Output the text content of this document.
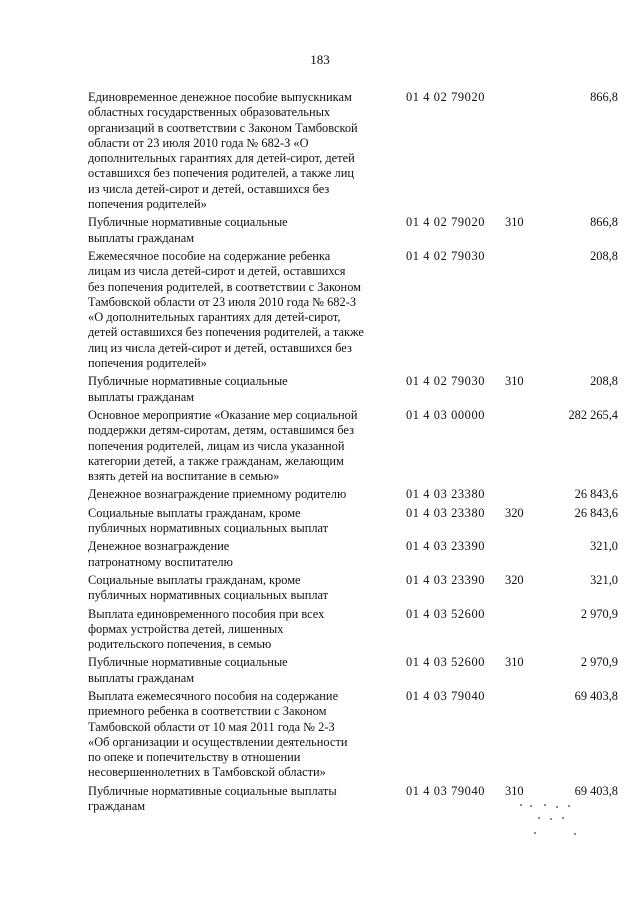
183
Единовременное денежное пособие выпускникам
областных государственных образовательных
организаций в соответствии с Законом Тамбовской
области от 23 июля 2010 года № 682-З «О
дополнительных гарантиях для детей-сирот, детей
оставшихся без попечения родителей, а также лиц
из числа детей-сирот и детей, оставшихся без
попечения родителей»
01 4 02 79020	866,8
Публичные нормативные социальные
выплаты гражданам
01 4 02 79020 310	866,8
Ежемесячное пособие на содержание ребенка
лицам из числа детей-сирот и детей, оставшихся
без попечения родителей, в соответствии с Законом
Тамбовской области от 23 июля 2010 года № 682-З
«О дополнительных гарантиях для детей-сирот,
детей оставшихся без попечения родителей, а также
лиц из числа детей-сирот и детей, оставшихся без
попечения родителей»
01 4 02 79030	208,8
Публичные нормативные социальные
выплаты гражданам
01 4 02 79030 310	208,8
Основное мероприятие «Оказание мер социальной
поддержки детям-сиротам, детям, оставшимся без
попечения родителей, лицам из числа указанной
категории детей, а также гражданам, желающим
взять детей на воспитание в семью»
01 4 03 00000	282 265,4
Денежное вознаграждение приемному родителю	01 4 03 23380	26 843,6
Социальные выплаты гражданам, кроме
публичных нормативных социальных выплат
01 4 03 23380 320	26 843,6
Денежное вознаграждение
патронатному воспитателю
01 4 03 23390	321,0
Социальные выплаты гражданам, кроме
публичных нормативных социальных выплат
01 4 03 23390 320	321,0
Выплата единовременного пособия при всех
формах устройства детей, лишенных
родительского попечения, в семью
01 4 03 52600	2 970,9
Публичные нормативные социальные
выплаты гражданам
01 4 03 52600 310	2 970,9
Выплата ежемесячного пособия на содержание
приемного ребенка в соответствии с Законом
Тамбовской области от 10 мая 2011 года № 2-З
«Об организации и осуществлении деятельности
по опеке и попечительству в отношении
несовершеннолетних в Тамбовской области»
01 4 03 79040	69 403,8
Публичные нормативные социальные выплаты
гражданам
01 4 03 79040 310	69 403,8
